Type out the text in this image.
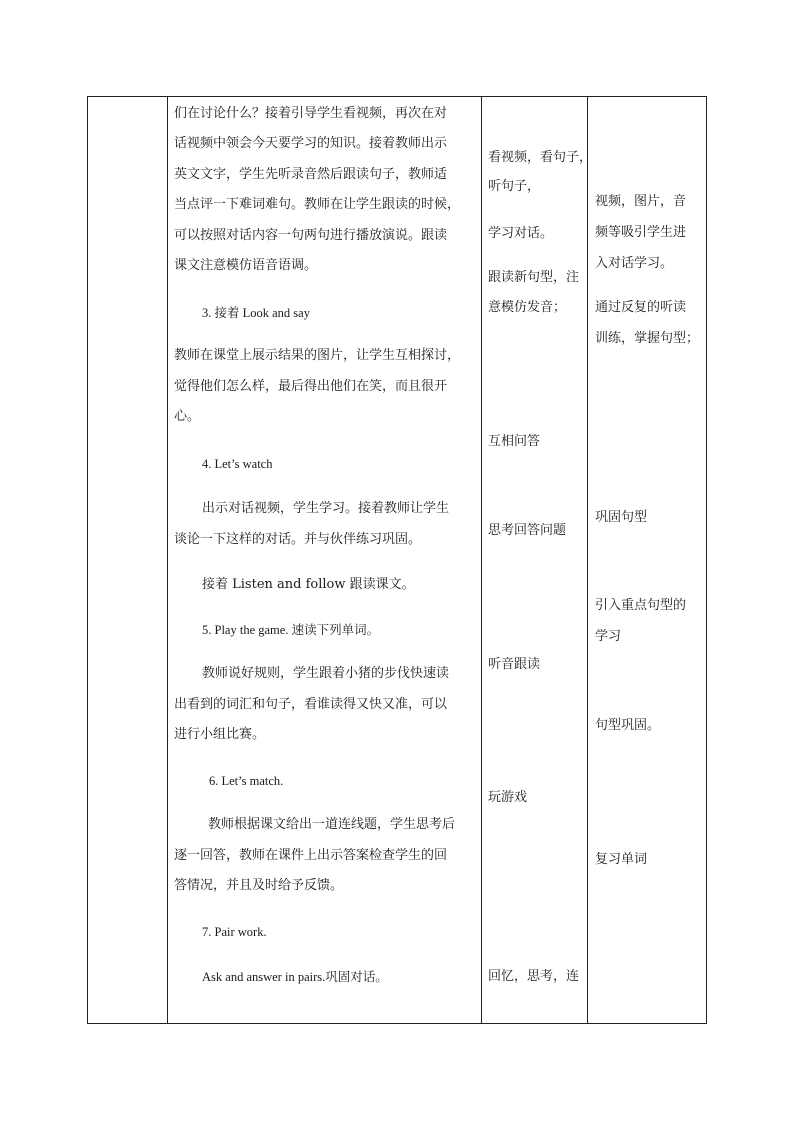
们在讨论什么？接着引导学生看视频，再次在对

话视频中领会今天要学习的知识。接着教师出示

英文文字，学生先听录音然后跟读句子，教师适

当点评一下难词难句。教师在让学生跟读的时候，

可以按照对话内容一句两句进行播放演说。跟读

课文注意模仿语音语调。

3. 接着 Look and say

教师在课堂上展示结果的图片，让学生互相探讨，

觉得他们怎么样，最后得出他们在笑，而且很开

心。

4. Let’s watch

出示对话视频，学生学习。接着教师让学生

谈论一下这样的对话。并与伙伴练习巩固。

接着 Listen and follow 跟读课文。

5. Play the game. 速读下列单词。

教师说好规则，学生跟着小猪的步伐快速读

出看到的词汇和句子，看谁读得又快又准，可以

进行小组比赛。

6. Let’s match.

教师根据课文给出一道连线题，学生思考后

逐一回答，教师在课件上出示答案检查学生的回

答情况，并且及时给予反馈。

7. Pair work.

Ask and answer in pairs.巩固对话。

看视频，看句子，

听句子，

学习对话。

跟读新句型，注

意模仿发音；

互相问答

思考回答问题

听音跟读

玩游戏

回忆，思考，连

视频，图片，音

频等吸引学生进

入对话学习。

通过反复的听读

训练，掌握句型；

巩固句型

引入重点句型的

学习

句型巩固。

复习单词
